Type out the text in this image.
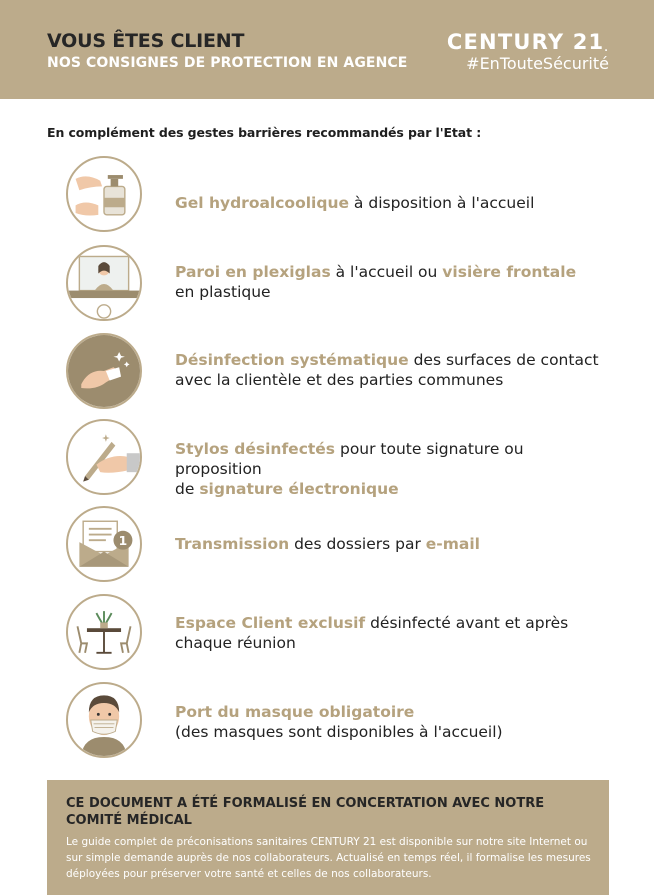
VOUS ÊTES CLIENT
NOS CONSIGNES DE PROTECTION EN AGENCE
CENTURY 21.
#EnTouteSécurité
En complément des gestes barrières recommandés par l'Etat :
Gel hydroalcoolique à disposition à l'accueil
Paroi en plexiglas à l'accueil ou visière frontale
en plastique
Désinfection systématique des surfaces de contact
avec la clientèle et des parties communes
Stylos désinfectés pour toute signature ou proposition
de signature électronique
1	Transmission des dossiers par e-mail
Espace Client exclusif désinfecté avant et après
chaque réunion
Port du masque obligatoire
(des masques sont disponibles à l'accueil)
CE DOCUMENT A ÉTÉ FORMALISÉ EN CONCERTATION AVEC NOTRE COMITÉ MÉDICAL
Le guide complet de préconisations sanitaires CENTURY 21 est disponible sur notre site Internet ou sur simple demande auprès de nos collaborateurs. Actualisé en temps réel, il formalise les mesures déployées pour préserver votre santé et celles de nos collaborateurs.
